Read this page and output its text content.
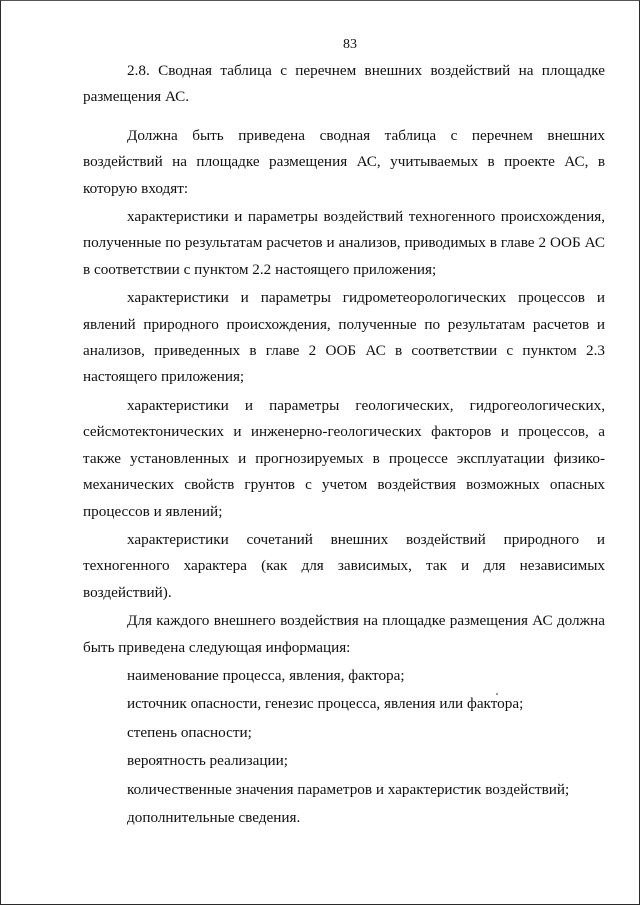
83

2.8. Сводная таблица с перечнем внешних воздействий на площадке размещения АС.

Должна быть приведена сводная таблица с перечнем внешних воздействий на площадке размещения АС, учитываемых в проекте АС, в которую входят:

характеристики и параметры воздействий техногенного происхождения, полученные по результатам расчетов и анализов, приводимых в главе 2 ООБ АС в соответствии с пунктом 2.2 настоящего приложения;

характеристики и параметры гидрометеорологических процессов и явлений природного происхождения, полученные по результатам расчетов и анализов, приведенных в главе 2 ООБ АС в соответствии с пунктом 2.3 настоящего приложения;

характеристики и параметры геологических, гидрогеологических, сейсмотектонических и инженерно-геологических факторов и процессов, а также установленных и прогнозируемых в процессе эксплуатации физико-механических свойств грунтов с учетом воздействия возможных опасных процессов и явлений;

характеристики сочетаний внешних воздействий природного и техногенного характера (как для зависимых, так и для независимых воздействий).

Для каждого внешнего воздействия на площадке размещения АС должна быть приведена следующая информация:

наименование процесса, явления, фактора;

источник опасности, генезис процесса, явления или фактора;

степень опасности;

вероятность реализации;

количественные значения параметров и характеристик воздействий;

дополнительные сведения.
